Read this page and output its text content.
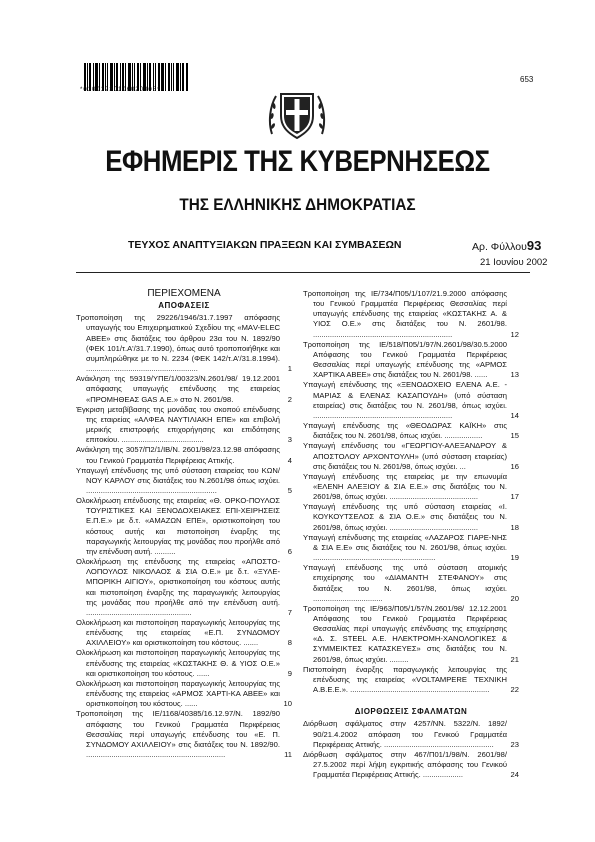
*01001930106020008*
653
ΕΦΗΜΕΡΙΣ ΤΗΣ ΚΥΒΕΡΝΗΣΕΩΣ
ΤΗΣ ΕΛΛΗΝΙΚΗΣ ΔΗΜΟΚΡΑΤΙΑΣ
ΤΕΥΧΟΣ ΑΝΑΠΤΥΞΙΑΚΩΝ ΠΡΑΞΕΩΝ ΚΑΙ ΣΥΜΒΑΣΕΩΝ	Αρ. Φύλλου93
21 Ιουνίου 2002
ΠΕΡΙΕΧΟΜΕΝΑ
ΑΠΟΦΑΣΕΙΣ

Τροποποίηση της 29226/1946/31.7.1997 απόφασης υπαγωγής του Επιχειρηματικού Σχεδίου της «ΜΑV-ELEC ΑΒΕΕ» στις διατάξεις του άρθρου 23α του Ν. 1892/90 (ΦΕΚ 101/τ.Α'/31.7.1990), όπως αυτό τροποποιήθηκε και συμπληρώθηκε με το Ν. 2234 (ΦΕΚ 142/τ.Α'/31.8.1994). .....................................................	1

Ανάκληση της 59319/ΥΠΕ/1/00323/Ν.2601/98/ 19.12.2001 απόφασης υπαγωγής επένδυσης της εταιρείας «ΠΡΟΜΗΘΕΑΣ GAS Α.Ε.» στο Ν. 2601/98.	2

Έγκριση μεταβίβασης της μονάδας του σκοπού επένδυσης της εταιρείας «ΑΛΦΕΑ ΝΑΥΤΙΛΙΑΚΗ ΕΠΕ» και επιβολή μερικής επιστροφής επιχορήγησης και επιδότησης επιτοκίου. .......................................	3

Ανάκληση της 3057/Π2/1/ΙΒ/Ν. 2601/98/23.12.98 απόφασης του Γενικού Γραμματέα Περιφέρειας Αττικής.	4

Υπαγωγή επένδυσης της υπό σύσταση εταιρείας του ΚΩΝ/ΝΟΥ ΚΑΡΛΟΥ στις διατάξεις του Ν.2601/98 όπως ισχύει. ..............................................................	5

Ολοκλήρωση επένδυσης της εταιρείας «Θ. ΟΡΚΟ-ΠΟΥΛΟΣ ΤΟΥΡΙΣΤΙΚΕΣ ΚΑΙ ΞΕΝΟΔΟΧΕΙΑΚΕΣ ΕΠΙ-ΧΕΙΡΗΣΕΙΣ Ε.Π.Ε.» με δ.τ. «ΑΜΑΖΩΝ ΕΠΕ», οριστικοποίηση του κόστους αυτής και πιστοποίηση έναρξης της παραγωγικής λειτουργίας της μονάδας που προήλθε από την επένδυση αυτή. ..........	6

Ολοκλήρωση της επένδυσης της εταιρείας «ΑΠΟΣΤΟ-ΛΟΠΟΥΛΟΣ ΝΙΚΟΛΑΟΣ & ΣΙΑ Ο.Ε.» με δ.τ. «ΞΥΛΕ-ΜΠΟΡΙΚΗ ΑΙΓΙΟΥ», οριστικοποίηση του κόστους αυτής και πιστοποίηση έναρξης της παραγωγικής λειτουργίας της μονάδας που προήλθε από την επένδυση αυτή. ..................................................	7

Ολοκλήρωση και πιστοποίηση παραγωγικής λειτουργίας της επένδυσης της εταιρείας «Ε.Π. ΣΥΝΔΟΜΟΥ ΑΧΙΛΛΕΙΟΥ» και οριστικοποίηση του κόστους. .......	8

Ολοκλήρωση και πιστοποίηση παραγωγικής λειτουργίας της επένδυσης της εταιρείας «ΚΩΣΤΑΚΗΣ Θ. & ΥΙΟΣ Ο.Ε.» και οριστικοποίηση του κόστους. ......	9

Ολοκλήρωση και πιστοποίηση παραγωγικής λειτουργίας της επένδυσης της εταιρείας «ΑΡΜΟΣ ΧΑΡΤΙ-ΚΑ ΑΒΕΕ» και οριστικοποίηση του κόστους. ......	10

Τροποποίηση της ΙΕ/1168/40385/16.12.97/Ν. 1892/90 απόφασης του Γενικού Γραμματέα Περιφέρειας Θεσσαλίας περί υπαγωγής επένδυσης του «Ε. Π. ΣΥΝΔΟΜΟΥ ΑΧΙΛΛΕΙΟΥ» στις διατάξεις του Ν. 1892/90. ..................................................................	11

Τροποποίηση της ΙΕ/734/Π05/1/107/21.9.2000 απόφασης του Γενικού Γραμματέα Περιφέρειας Θεσσαλίας περί υπαγωγής επένδυσης της εταιρείας «ΚΩΣΤΑΚΗΣ Α. & ΥΙΟΣ Ο.Ε.» στις διατάξεις του Ν. 2601/98. ..................................................................	12

Τροποποίηση της ΙΕ/518/Π05/1/97/Ν.2601/98/30.5.2000 Απόφασης του Γενικού Γραμματέα Περιφέρειας Θεσσαλίας περί υπαγωγής επένδυσης της «ΑΡΜΟΣ ΧΑΡΤΙΚΑ ΑΒΕΕ» στις διατάξεις του Ν. 2601/98. ......	13

Υπαγωγή επένδυσης της «ΞΕΝΟΔΟΧΕΙΟ ΕΛΕΝΑ Α.Ε. - ΜΑΡΙΑΣ & ΕΛΕΝΑΣ ΚΑΣΑΠΟΥΔΗ» (υπό σύσταση εταιρείας) στις διατάξεις του Ν. 2601/98, όπως ισχύει. ..................................................................	14

Υπαγωγή επένδυσης της «ΘΕΟΔΩΡΑΣ ΚΑΪΚΗ» στις διατάξεις του Ν. 2601/98, όπως ισχύει. ..................	15

Υπαγωγή επένδυσης του «ΓΕΩΡΓΙΟΥ-ΑΛΕΞΑΝΔΡΟΥ & ΑΠΟΣΤΟΛΟΥ ΑΡΧΟΝΤΟΥΛΗ» (υπό σύσταση εταιρείας) στις διατάξεις του Ν. 2601/98, όπως ισχύει. ...	16

Υπαγωγή επένδυσης της εταιρείας με την επωνυμία «ΕΛΕΝΗ ΑΛΕΞΙΟΥ & ΣΙΑ Ε.Ε.» στις διατάξεις του Ν. 2601/98, όπως ισχύει. ..........................................	17

Υπαγωγή επένδυσης της υπό σύσταση εταιρείας «Ι. ΚΟΥΚΟΥΤΣΕΛΟΣ & ΣΙΑ Ο.Ε.» στις διατάξεις του Ν. 2601/98, όπως ισχύει. ..........................................	18

Υπαγωγή επένδυσης της εταιρείας «ΛΑΖΑΡΟΣ ΓΙΑΡΕ-ΝΗΣ & ΣΙΑ Ε.Ε» στις διατάξεις του Ν. 2601/98, όπως ισχύει. ..........................................................	19

Υπαγωγή επένδυσης της υπό σύσταση ατομικής επιχείρησης του «ΔΙΑΜΑΝΤΗ ΣΤΕΦΑΝΟΥ» στις διατάξεις του Ν. 2601/98, όπως ισχύει. .................................	20

Τροποποίηση της ΙΕ/963/Π05/1/57/Ν.2601/98/ 12.12.2001 Απόφασης του Γενικού Γραμματέα Περιφέρειας Θεσσαλίας περί υπαγωγής επένδυσης της επιχείρησης «Δ. Σ. STEEL Α.Ε. ΗΛΕΚΤΡΟΜΗ-ΧΑΝΟΛΟΓΙΚΕΣ & ΣΥΜΜΕΙΚΤΕΣ ΚΑΤΑΣΚΕΥΕΣ» στις διατάξεις του Ν. 2601/98, όπως ισχύει. .........	21

Πιστοποίηση έναρξης παραγωγικής λειτουργίας της επένδυσης της εταιρείας «VOLTAMPERE ΤΕΧΝΙΚΗ Α.Β.Ε.Ε.». ..................................................................	22

ΔΙΟΡΘΩΣΕΙΣ ΣΦΑΛΜΑΤΩΝ

Διόρθωση σφάλματος στην 4257/ΝΝ. 5322/Ν. 1892/ 90/21.4.2002 απόφαση του Γενικού Γραμματέα Περιφέρειας Αττικής. .................................................... 23

Διόρθωση σφάλματος στην 467/Π01/1/98/Ν. 2601/98/ 27.5.2002 περί λήψη εγκριτικής απόφασης του Γενικού Γραμματέα Περιφέρειας Αττικής. ...................	24
